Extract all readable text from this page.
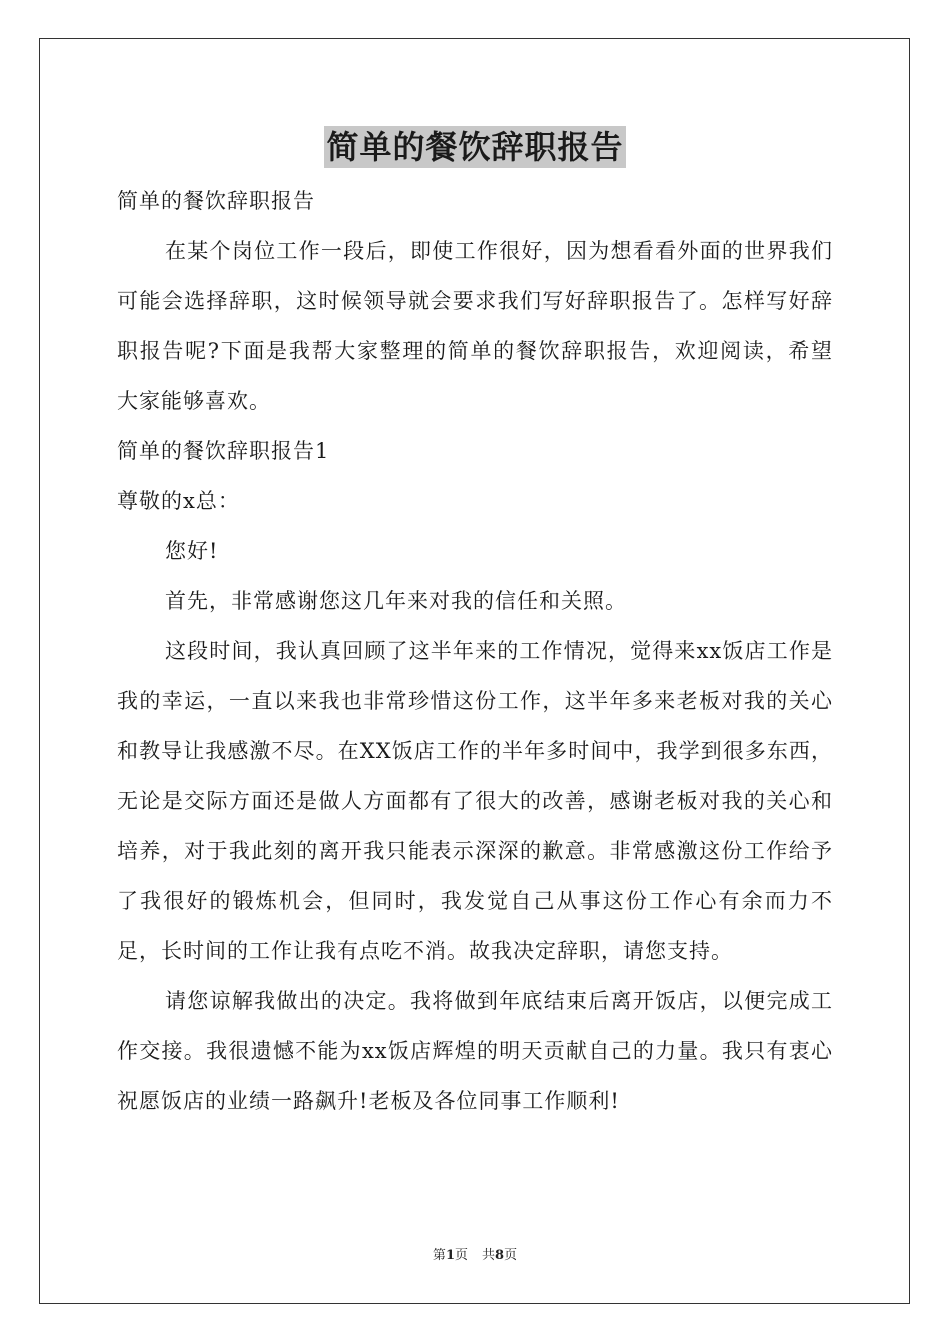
简单的餐饮辞职报告

简单的餐饮辞职报告

在某个岗位工作一段后，即使工作很好，因为想看看外面的世界我们可能会选择辞职，这时候领导就会要求我们写好辞职报告了。怎样写好辞职报告呢?下面是我帮大家整理的简单的餐饮辞职报告，欢迎阅读，希望大家能够喜欢。

简单的餐饮辞职报告1

尊敬的x总：

您好!

首先，非常感谢您这几年来对我的信任和关照。

这段时间，我认真回顾了这半年来的工作情况，觉得来xx饭店工作是我的幸运，一直以来我也非常珍惜这份工作，这半年多来老板对我的关心和教导让我感激不尽。在XX饭店工作的半年多时间中，我学到很多东西，无论是交际方面还是做人方面都有了很大的改善，感谢老板对我的关心和培养，对于我此刻的离开我只能表示深深的歉意。非常感激这份工作给予了我很好的锻炼机会，但同时，我发觉自己从事这份工作心有余而力不足，长时间的工作让我有点吃不消。故我决定辞职，请您支持。

请您谅解我做出的决定。我将做到年底结束后离开饭店，以便完成工作交接。我很遗憾不能为xx饭店辉煌的明天贡献自己的力量。我只有衷心祝愿饭店的业绩一路飙升!老板及各位同事工作顺利!

第1页 共8页
